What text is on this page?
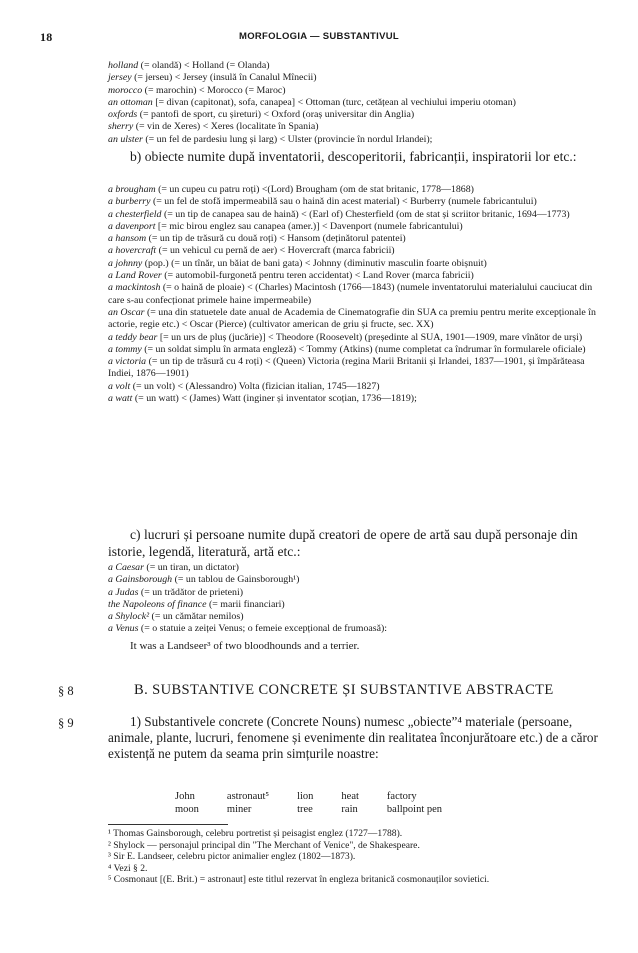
18	MORFOLOGIA — SUBSTANTIVUL

holland (= olandă) < Holland (= Olanda)

jersey (= jerseu) < Jersey (insulă în Canalul Mînecii)

morocco (= marochin) < Morocco (= Maroc)

an ottoman [= divan (capitonat), sofa, canapea] < Ottoman (turc, cetățean al vechiului imperiu otoman)

oxfords (= pantofi de sport, cu șireturi) < Oxford (oraș universitar din Anglia)

sherry (= vin de Xeres) < Xeres (localitate în Spania)

an ulster (= un fel de pardesiu lung și larg) < Ulster (provincie în nordul Irlandei);

b) obiecte numite după inventatorii, descoperitorii, fabricanții, inspiratorii lor etc.:

a brougham (= un cupeu cu patru roți) <(Lord) Brougham (om de stat britanic, 1778—1868)

a burberry (= un fel de stofă impermeabilă sau o haină din acest material) < Burberry (numele fabricantului)

a chesterfield (= un tip de canapea sau de haină) < (Earl of) Chesterfield (om de stat și scriitor britanic, 1694—1773)

a davenport [= mic birou englez sau canapea (amer.)] < Davenport (numele fabricantului)

a hansom (= un tip de trăsură cu două roți) < Hansom (deținătorul patentei)

a hovercraft (= un vehicul cu pernă de aer) < Hovercraft (marca fabricii)

a johnny (pop.) (= un tînăr, un băiat de bani gata) < Johnny (diminutiv masculin foarte obișnuit)

a Land Rover (= automobil-furgonetă pentru teren accidentat) < Land Rover (marca fabricii)

a mackintosh (= o haină de ploaie) < (Charles) Macintosh (1766—1843) (numele inventatorului materialului cauciucat din care s-au confecționat primele haine impermeabile)

an Oscar (= una din statuetele date anual de Academia de Cinematografie din SUA ca premiu pentru merite excepționale în actorie, regie etc.) < Oscar (Pierce) (cultivator american de griu și fructe, sec. XX)

a teddy bear [= un urs de pluș (jucărie)] < Theodore (Roosevelt) (președinte al SUA, 1901—1909, mare vînător de urși)

a tommy (= un soldat simplu în armata engleză) < Tommy (Atkins) (nume completat ca îndrumar în formularele oficiale)

a victoria (= un tip de trăsură cu 4 roți) < (Queen) Victoria (regina Marii Britanii și Irlandei, 1837—1901, și împărăteasa Indiei, 1876—1901)

a volt (= un volt) < (Alessandro) Volta (fizician italian, 1745—1827)

a watt (= un watt) < (James) Watt (inginer și inventator scoțian, 1736—1819);

c) lucruri și persoane numite după creatori de opere de artă sau după personaje din istorie, legendă, literatură, artă etc.:

a Caesar (= un tiran, un dictator)

a Gainsborough (= un tablou de Gainsborough¹)

a Judas (= un trădător de prieteni)

the Napoleons of finance (= marii financiari)

a Shylock² (= un cămătar nemilos)

a Venus (= o statuie a zeiței Venus; o femeie excepțional de frumoasă):

It was a Landseer³ of two bloodhounds and a terrier.

§ 8	B. SUBSTANTIVE CONCRETE ȘI SUBSTANTIVE ABSTRACTE
§ 9	1) Substantivele concrete (Concrete Nouns) numesc „obiecte”⁴ materiale (persoane, animale, plante, lucruri, fenomene și evenimente din realitatea înconjurătoare etc.) de a căror existență ne putem da seama prin simțurile noastre:

John	astronaut⁵	lion	heat	factory
moon	miner	tree	rain	ballpoint pen

¹ Thomas Gainsborough, celebru portretist și peisagist englez (1727—1788).

² Shylock — personajul principal din "The Merchant of Venice", de Shakespeare.

³ Sir E. Landseer, celebru pictor animalier englez (1802—1873).

⁴ Vezi § 2.

⁵ Cosmonaut [(E. Brit.) = astronaut] este titlul rezervat în engleza britanică cosmonauților sovietici.
